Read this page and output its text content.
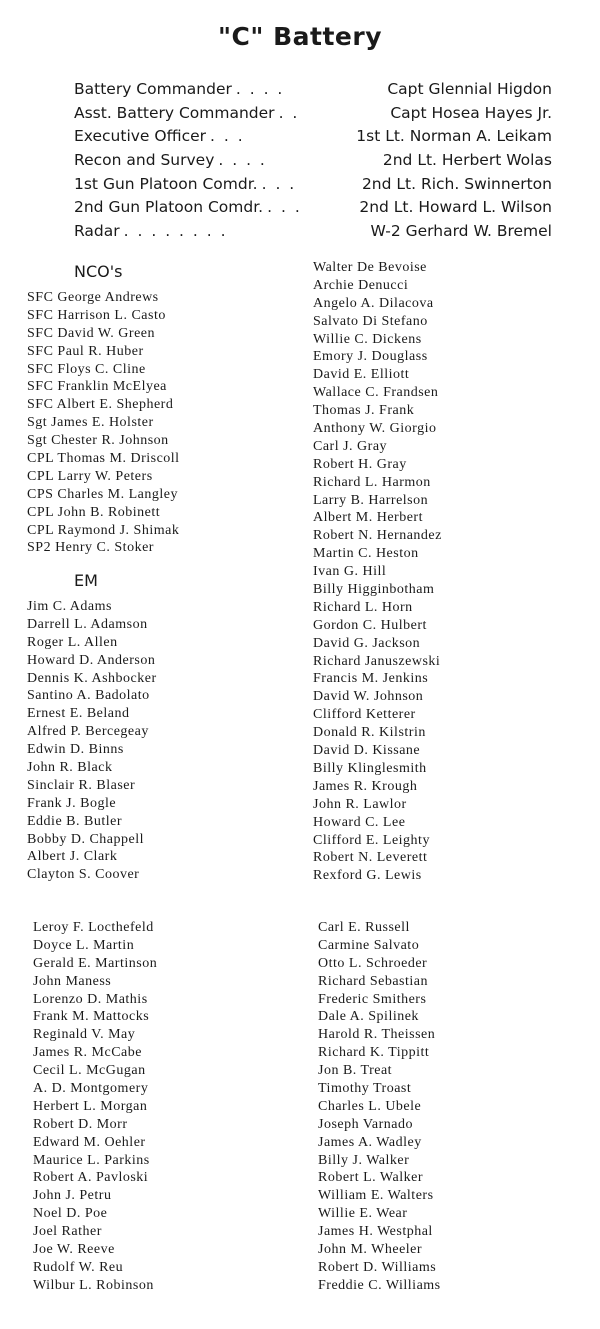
"C" Battery
Battery Commander . . . .	Capt Glennial Higdon
Asst. Battery Commander . .	Capt Hosea Hayes Jr.
Executive Officer . . .	1st Lt. Norman A. Leikam
Recon and Survey . . . .	2nd Lt. Herbert Wolas
1st Gun Platoon Comdr. . . .	2nd Lt. Rich. Swinnerton
2nd Gun Platoon Comdr. . . .	2nd Lt. Howard L. Wilson
Radar . . . . . . . .	W-2 Gerhard W. Bremel
NCO's
SFC George Andrews
SFC Harrison L. Casto
SFC David W. Green
SFC Paul R. Huber
SFC Floys C. Cline
SFC Franklin McElyea
SFC Albert E. Shepherd
Sgt James E. Holster
Sgt Chester R. Johnson
CPL Thomas M. Driscoll
CPL Larry W. Peters
CPS Charles M. Langley
CPL John B. Robinett
CPL Raymond J. Shimak
SP2 Henry C. Stoker
EM
Jim C. Adams
Darrell L. Adamson
Roger L. Allen
Howard D. Anderson
Dennis K. Ashbocker
Santino A. Badolato
Ernest E. Beland
Alfred P. Bercegeay
Edwin D. Binns
John R. Black
Sinclair R. Blaser
Frank J. Bogle
Eddie B. Butler
Bobby D. Chappell
Albert J. Clark
Clayton S. Coover
Walter De Bevoise
Archie Denucci
Angelo A. Dilacova
Salvato Di Stefano
Willie C. Dickens
Emory J. Douglass
David E. Elliott
Wallace C. Frandsen
Thomas J. Frank
Anthony W. Giorgio
Carl J. Gray
Robert H. Gray
Richard L. Harmon
Larry B. Harrelson
Albert M. Herbert
Robert N. Hernandez
Martin C. Heston
Ivan G. Hill
Billy Higginbotham
Richard L. Horn
Gordon C. Hulbert
David G. Jackson
Richard Januszewski
Francis M. Jenkins
David W. Johnson
Clifford Ketterer
Donald R. Kilstrin
David D. Kissane
Billy Klinglesmith
James R. Krough
John R. Lawlor
Howard C. Lee
Clifford E. Leighty
Robert N. Leverett
Rexford G. Lewis
Leroy F. Locthefeld
Doyce L. Martin
Gerald E. Martinson
John Maness
Lorenzo D. Mathis
Frank M. Mattocks
Reginald V. May
James R. McCabe
Cecil L. McGugan
A. D. Montgomery
Herbert L. Morgan
Robert D. Morr
Edward M. Oehler
Maurice L. Parkins
Robert A. Pavloski
John J. Petru
Noel D. Poe
Joel Rather
Joe W. Reeve
Rudolf W. Reu
Wilbur L. Robinson
Carl E. Russell
Carmine Salvato
Otto L. Schroeder
Richard Sebastian
Frederic Smithers
Dale A. Spilinek
Harold R. Theissen
Richard K. Tippitt
Jon B. Treat
Timothy Troast
Charles L. Ubele
Joseph Varnado
James A. Wadley
Billy J. Walker
Robert L. Walker
William E. Walters
Willie E. Wear
James H. Westphal
John M. Wheeler
Robert D. Williams
Freddie C. Williams
